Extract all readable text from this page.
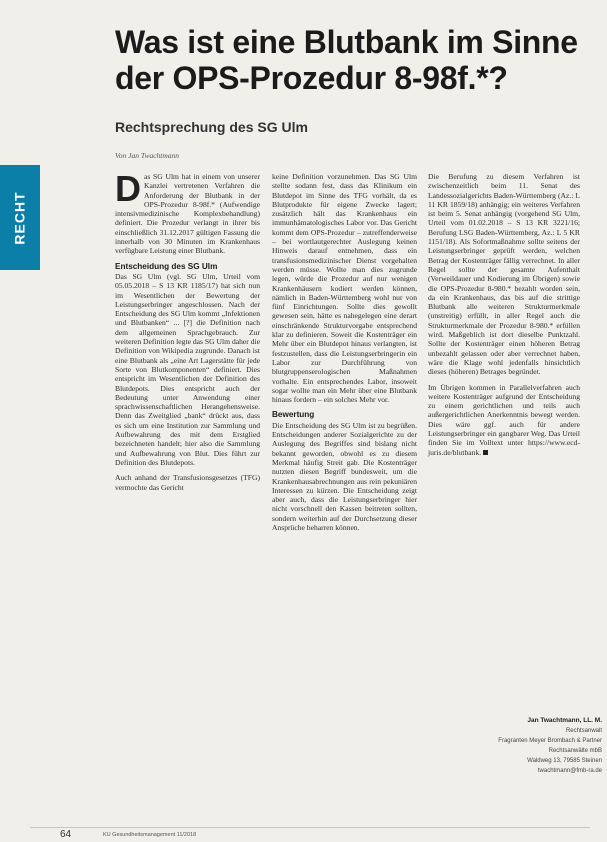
RECHT
Was ist eine Blutbank im Sinne der OPS-Prozedur 8-98f.*?
Rechtsprechung des SG Ulm
Von Jan Twachtmann

Das SG Ulm hat in einem von unserer Kanzlei vertretenen Verfahren die Anforderung der Blutbank in der OPS-Prozedur 8-98f.* (Aufwendige intensivmedizinische Komplexbehandlung) definiert. Die Prozedur verlangt in ihrer bis einschließlich 31.12.2017 gültigen Fassung die innerhalb von 30 Minuten im Krankenhaus verfügbare Leistung einer Blutbank.

Entscheidung des SG Ulm

Das SG Ulm (vgl. SG Ulm, Urteil vom 05.05.2018 – S 13 KR 1185/17) hat sich nun im Wesentlichen der Bewertung der Leistungserbringer angeschlossen. Nach der Entscheidung des SG Ulm kommt „Infektionen und Blutbanken“ ... [?] die Definition nach dem allgemeinen Sprachgebrauch. Zur weiteren Definition legte das SG Ulm daher die Definition von Wikipedia zugrunde. Danach ist eine Blutbank als „eine Art Lagerstätte für jede Sorte von Blutkomponenten“ definiert. Dies entspricht im Wesentlichen der Definition des Blutdepots. Dies entspricht auch der Bedeutung unter Anwendung einer sprachwissenschaftlichen Herangehensweise. Denn das Zweitglied „bank“ drückt aus, dass es sich um eine Institution zur Sammlung und Aufbewahrung des mit dem Erstglied bezeichneten handelt; hier also die Sammlung und Aufbewahrung von Blut. Dies führt zur Definition des Blutdepots.

Auch anhand der Transfusionsgesetzes (TFG) vermochte das Gericht

keine Definition vorzunehmen. Das SG Ulm stellte sodann fest, dass das Klinikum ein Blutdepot im Sinne des TFG vorhält, da es Blutprodukte für eigene Zwecke lagert; zusätzlich hält das Krankenhaus ein immunhämatologisches Labor vor. Das Gericht kommt dem OPS-Prozedur – zutreffenderweise – bei wortlautgerechter Auslegung keinen Hinweis darauf entnehmen, dass ein transfusionsmedizinischer Dienst vorgehalten werden müsse. Wollte man dies zugrunde legen, würde die Prozedur auf nur wenigen Krankenhäusern kodiert werden können, nämlich in Baden-Württemberg wohl nur von fünf Einrichtungen. Sollte dies gewollt gewesen sein, hätte es nahegelegen eine derart einschränkende Strukturvorgabe entsprechend klar zu definieren. Soweit die Kostenträger ein Mehr über ein Blutdepot hinaus verlangten, ist festzustellen, dass die Leistungserbringerin ein Labor zur Durchführung von blutgruppenserologischen Maßnahmen vorhalte. Ein entsprechendes Labor, insoweit sogar wollte man ein Mehr über eine Blutbank hinaus fordern – ein solches Mehr vor.

Bewertung

Die Entscheidung des SG Ulm ist zu begrüßen. Entscheidungen anderer Sozialgerichte zu der Auslegung des Begriffes sind bislang nicht bekannt geworden, obwohl es zu diesem Merkmal häufig Streit gab. Die Kostenträger nutzten diesen Begriff bundesweit, um die Krankenhausabrechnungen aus rein pekuniären Interessen zu kürzen. Die Entscheidung zeigt aber auch, dass die Leistungserbringer hier nicht vorschnell den Kassen beitreten sollten, sondern weiterhin auf der Durchsetzung dieser Ansprüche beharren können.

Die Berufung zu diesem Verfahren ist zwischenzeitlich beim 11. Senat des Landessozialgerichts Baden-Württemberg (Az.: L 11 KR 1859/18) anhängig; ein weiteres Verfahren ist beim 5. Senat anhängig (vorgehend SG Ulm, Urteil vom 01.02.2018 – S 13 KR 3221/16; Berufung LSG Baden-Württemberg, Az.: L 5 KR 1151/18). Als Sofortmaßnahme sollte seitens der Leistungserbringer geprüft werden, welchen Betrag der Kostenträger fällig verrechnet. In aller Regel sollte der gesamte Aufenthalt (Verweildauer und Kodierung im Übrigen) sowie die OPS-Prozedur 8-980.* bezahlt worden sein, da ein Krankenhaus, das bis auf die strittige Blutbank alle weiteren Strukturmerkmale (unstreitig) erfüllt, in aller Regel auch die Strukturmerkmale der Prozedur 8-980.* erfüllen wird. Maßgeblich ist dort dieselbe Punktzahl. Sollte der Kostenträger einen höheren Betrag unbezahlt gelassen oder aber verrechnet haben, wäre die Klage wohl jedenfalls hinsichtlich dieses (höheren) Betrages begründet.

Im Übrigen kommen in Parallelverfahren auch weitere Kostenträger aufgrund der Entscheidung zu einem gerichtlichen und teils auch außergerichtlichen Anerkenntnis bewegt werden. Dies wäre ggf. auch für andere Leistungserbringer ein gangbarer Weg. Das Urteil finden Sie im Volltext unter https://www.ecd-juris.de/blutbank.

Jan Twachtmann, LL. M.
Rechtsanwalt
Fragranten Meyer Brombach & Partner
Rechtsanwälte mbB
Waldweg 13, 79585 Steinen
twachtmann@fmb-ra.de
64	KU Gesundheitsmanagement 11/2018
